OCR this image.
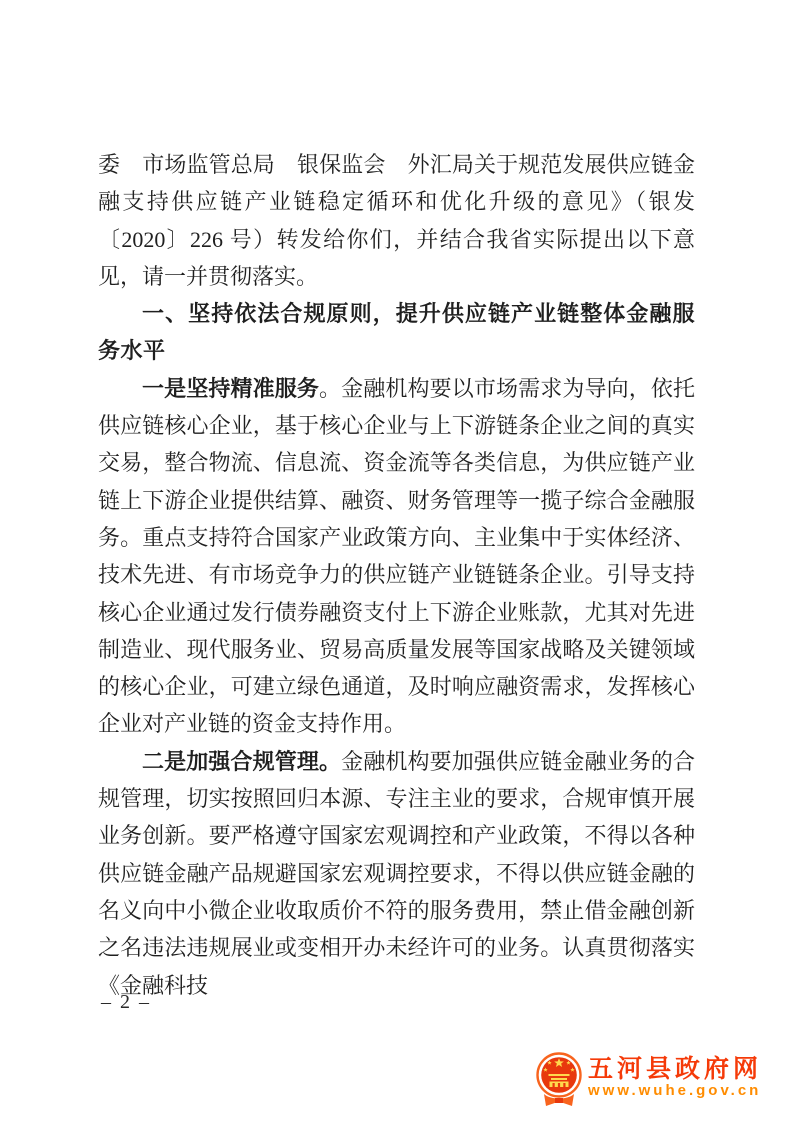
委　市场监管总局　银保监会　外汇局关于规范发展供应链金融支持供应链产业链稳定循环和优化升级的意见》（银发〔2020〕226 号）转发给你们，并结合我省实际提出以下意见，请一并贯彻落实。

一、坚持依法合规原则，提升供应链产业链整体金融服务水平

一是坚持精准服务。金融机构要以市场需求为导向，依托供应链核心企业，基于核心企业与上下游链条企业之间的真实交易，整合物流、信息流、资金流等各类信息，为供应链产业链上下游企业提供结算、融资、财务管理等一揽子综合金融服务。重点支持符合国家产业政策方向、主业集中于实体经济、技术先进、有市场竞争力的供应链产业链链条企业。引导支持核心企业通过发行债券融资支付上下游企业账款，尤其对先进制造业、现代服务业、贸易高质量发展等国家战略及关键领域的核心企业，可建立绿色通道，及时响应融资需求，发挥核心企业对产业链的资金支持作用。

二是加强合规管理。金融机构要加强供应链金融业务的合规管理，切实按照回归本源、专注主业的要求，合规审慎开展业务创新。要严格遵守国家宏观调控和产业政策，不得以各种供应链金融产品规避国家宏观调控要求，不得以供应链金融的名义向中小微企业收取质价不符的服务费用，禁止借金融创新之名违法违规展业或变相开办未经许可的业务。认真贯彻落实《金融科技

– 2 –
五河县政府网
www.wuhe.gov.cn
